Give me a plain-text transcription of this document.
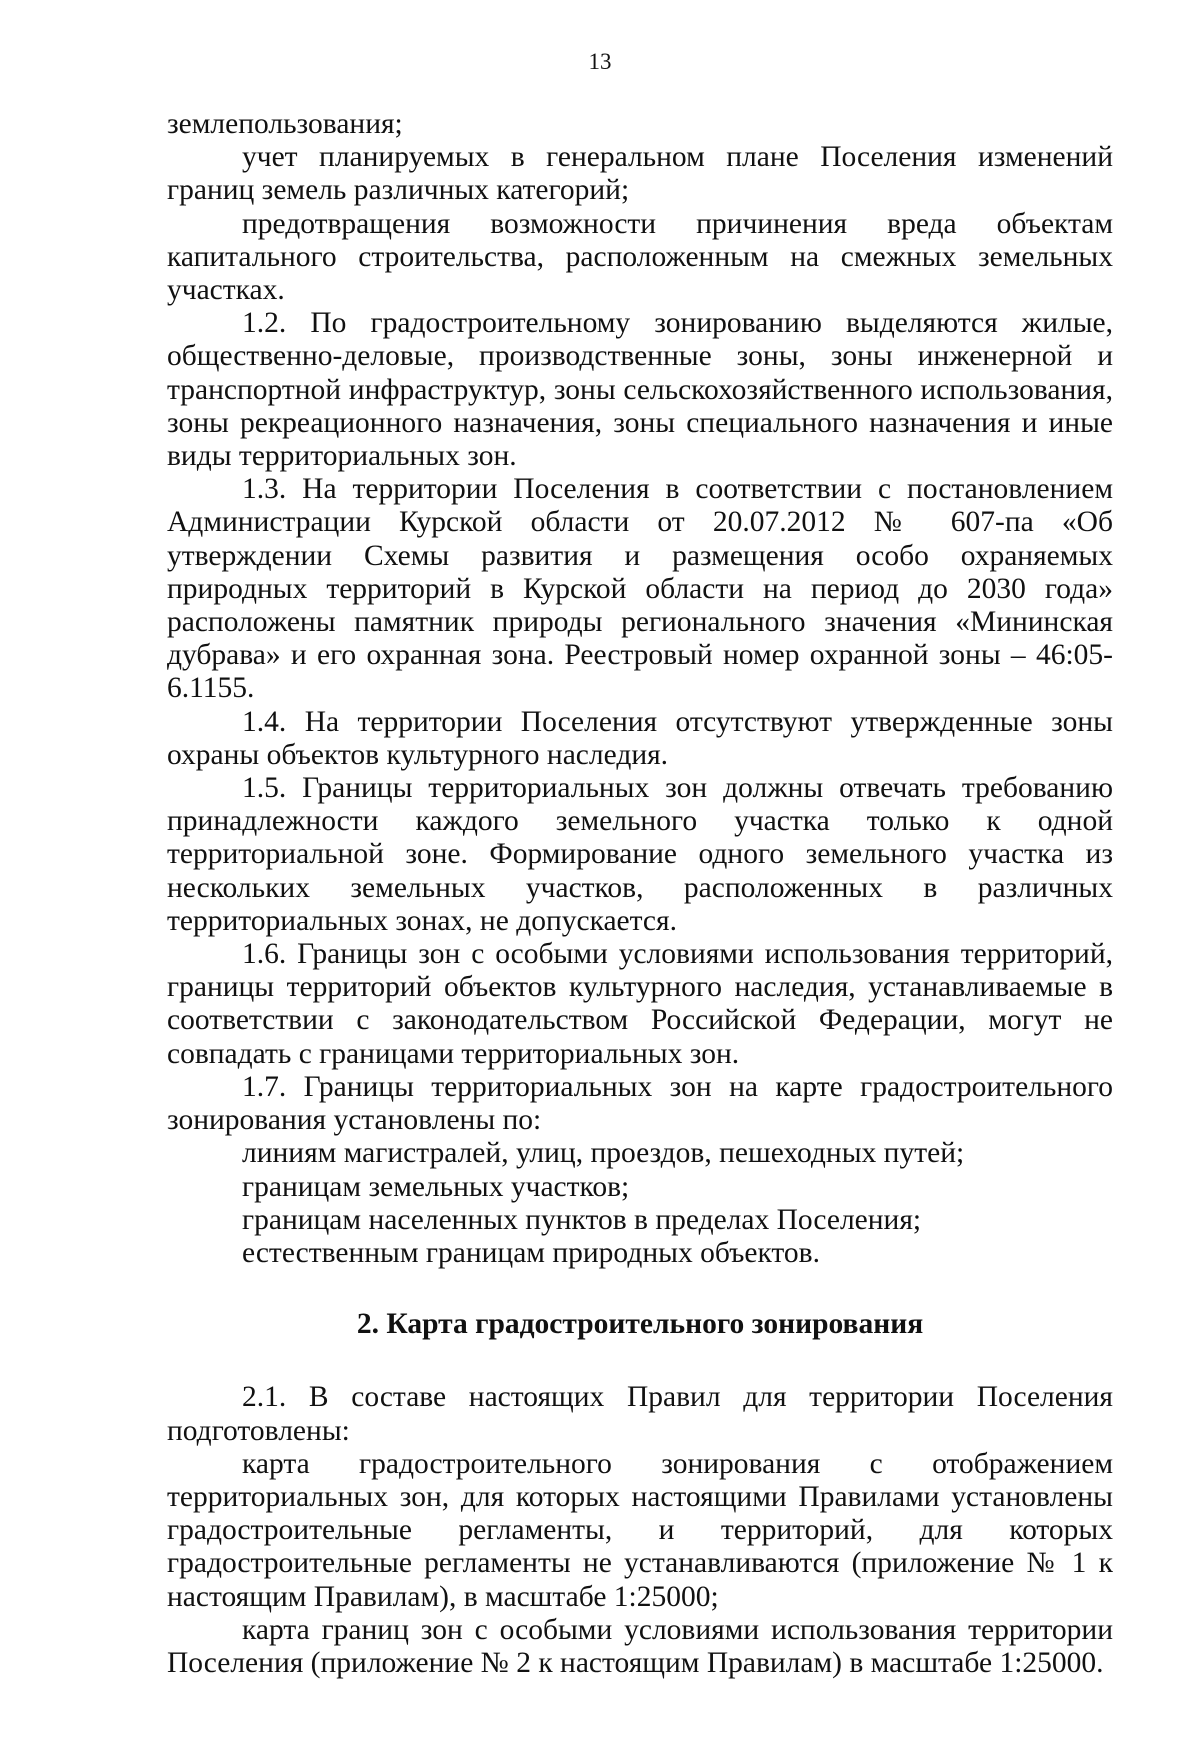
13

землепользования;

учет планируемых в генеральном плане Поселения изменений границ земель различных категорий;

предотвращения возможности причинения вреда объектам капитального строительства, расположенным на смежных земельных участках.

1.2. По градостроительному зонированию выделяются жилые, общественно-деловые, производственные зоны, зоны инженерной и транспортной инфраструктур, зоны сельскохозяйственного использования, зоны рекреационного назначения, зоны специального назначения и иные виды территориальных зон.

1.3. На территории Поселения в соответствии с постановлением Администрации Курской области от 20.07.2012 № 607-па «Об утверждении Схемы развития и размещения особо охраняемых природных территорий в Курской области на период до 2030 года» расположены памятник природы регионального значения «Мининская дубрава» и его охранная зона. Реестровый номер охранной зоны – 46:05-6.1155.

1.4. На территории Поселения отсутствуют утвержденные зоны охраны объектов культурного наследия.

1.5. Границы территориальных зон должны отвечать требованию принадлежности каждого земельного участка только к одной территориальной зоне. Формирование одного земельного участка из нескольких земельных участков, расположенных в различных территориальных зонах, не допускается.

1.6. Границы зон с особыми условиями использования территорий, границы территорий объектов культурного наследия, устанавливаемые в соответствии с законодательством Российской Федерации, могут не совпадать с границами территориальных зон.

1.7. Границы территориальных зон на карте градостроительного зонирования установлены по:

линиям магистралей, улиц, проездов, пешеходных путей;

границам земельных участков;

границам населенных пунктов в пределах Поселения;

естественным границам природных объектов.

2. Карта градостроительного зонирования

2.1. В составе настоящих Правил для территории Поселения подготовлены:

карта градостроительного зонирования с отображением территориальных зон, для которых настоящими Правилами установлены градостроительные регламенты, и территорий, для которых градостроительные регламенты не устанавливаются (приложение № 1 к настоящим Правилам), в масштабе 1:25000;

карта границ зон с особыми условиями использования территории Поселения (приложение № 2 к настоящим Правилам) в масштабе 1:25000.
